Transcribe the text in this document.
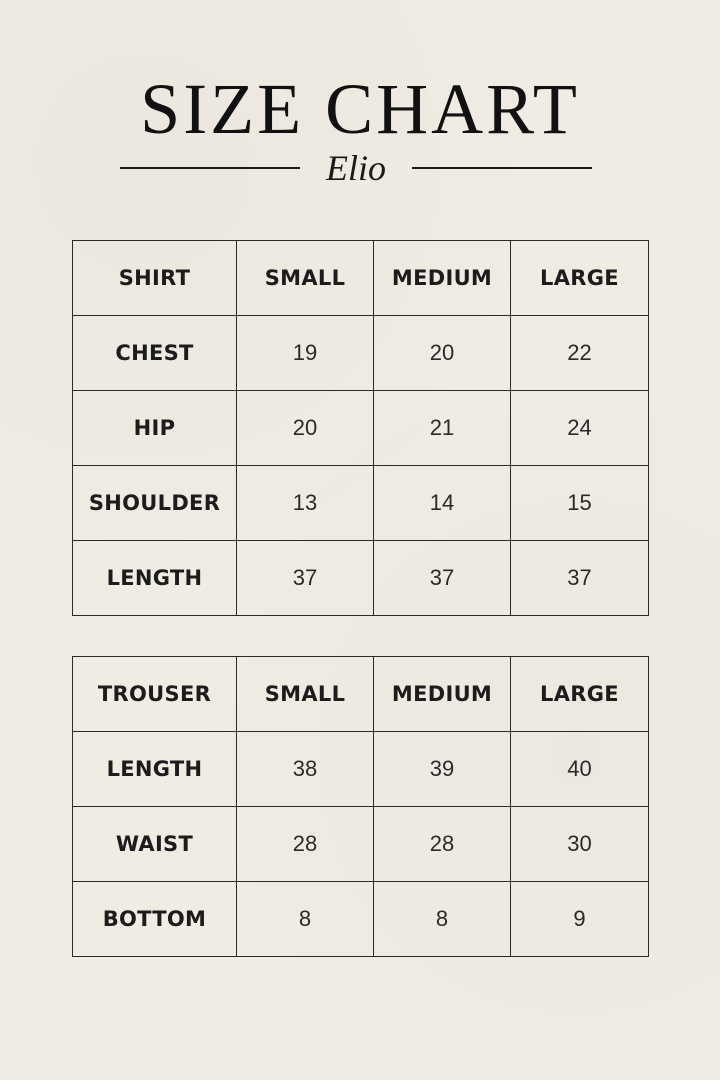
SIZE CHART
Elio
SHIRT	SMALL	MEDIUM	LARGE
CHEST	19	20	22
HIP	20	21	24
SHOULDER	13	14	15
LENGTH	37	37	37
TROUSER	SMALL	MEDIUM	LARGE
LENGTH	38	39	40
WAIST	28	28	30
BOTTOM	8	8	9
